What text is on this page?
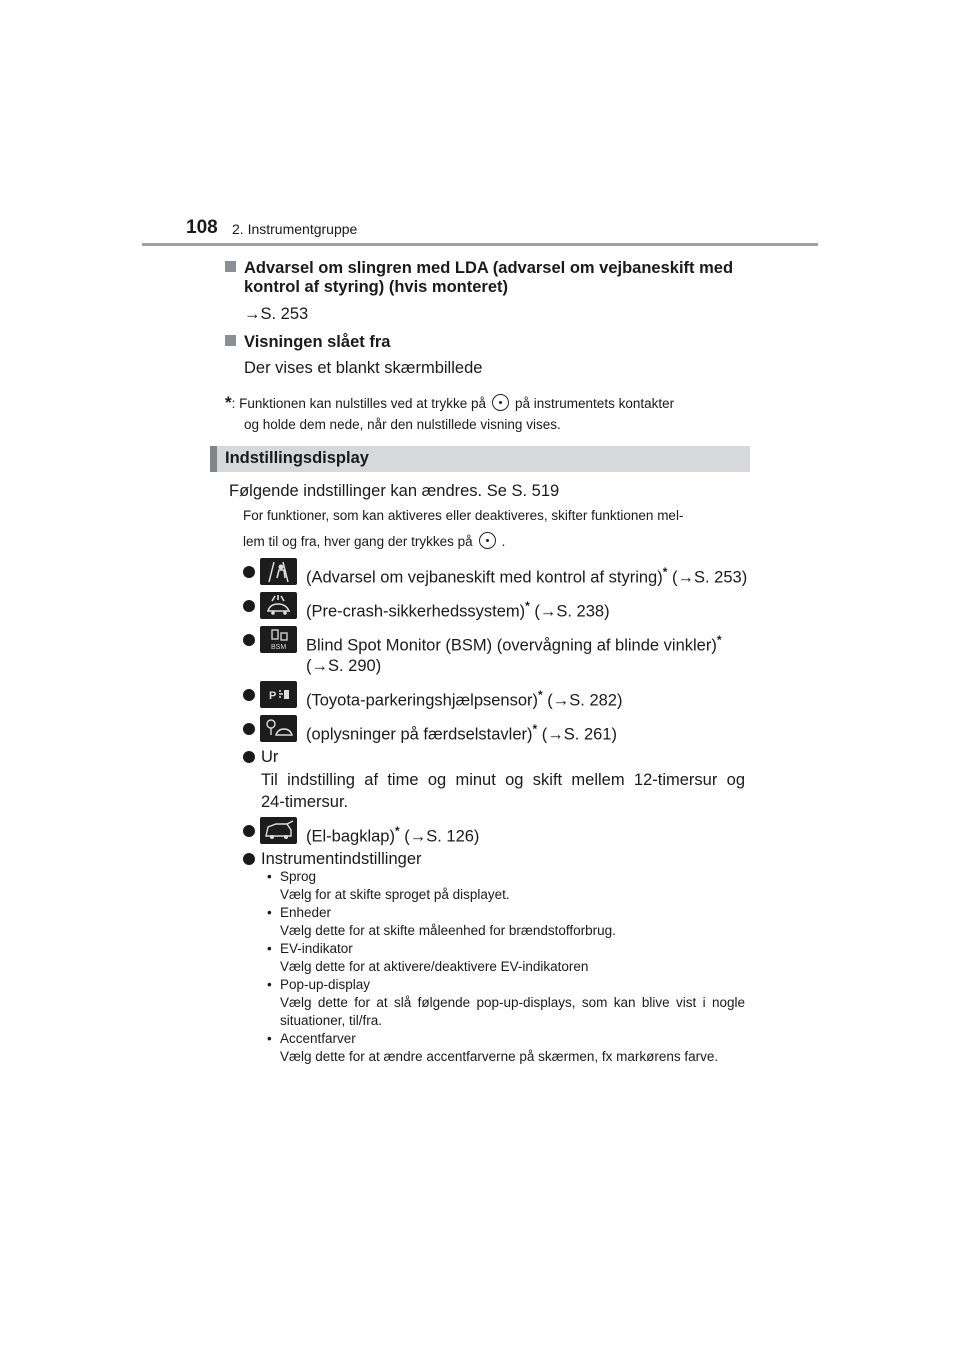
108 2. Instrumentgruppe
Advarsel om slingren med LDA (advarsel om vejbaneskift med
kontrol af styring) (hvis monteret)
→S. 253
Visningen slået fra
Der vises et blankt skærmbillede
*: Funktionen kan nulstilles ved at trykke på på instrumentets kontakter
og holde dem nede, når den nulstillede visning vises.
Indstillingsdisplay
Følgende indstillinger kan ændres. Se S. 519
For funktioner, som kan aktiveres eller deaktiveres, skifter funktionen mel-
lem til og fra, hver gang der trykkes på .
(Advarsel om vejbaneskift med kontrol af styring)* (→S. 253)
(Pre-crash-sikkerhedssystem)* (→S. 238)
BSM Blind Spot Monitor (BSM) (overvågning af blinde vinkler)*
(→S. 290)
P (Toyota-parkeringshjælpsensor)* (→S. 282)
(oplysninger på færdselstavler)* (→S. 261)
Ur
Til indstilling af time og minut og skift mellem 12-timersur og
24-timersur.
(El-bagklap)* (→S. 126)
Instrumentindstillinger
• Sprog
Vælg for at skifte sproget på displayet.
• Enheder
Vælg dette for at skifte måleenhed for brændstofforbrug.
• EV-indikator
Vælg dette for at aktivere/deaktivere EV-indikatoren
• Pop-up-display
Vælg dette for at slå følgende pop-up-displays, som kan blive vist i nogle situationer, til/fra.
• Accentfarver
Vælg dette for at ændre accentfarverne på skærmen, fx markørens farve.
